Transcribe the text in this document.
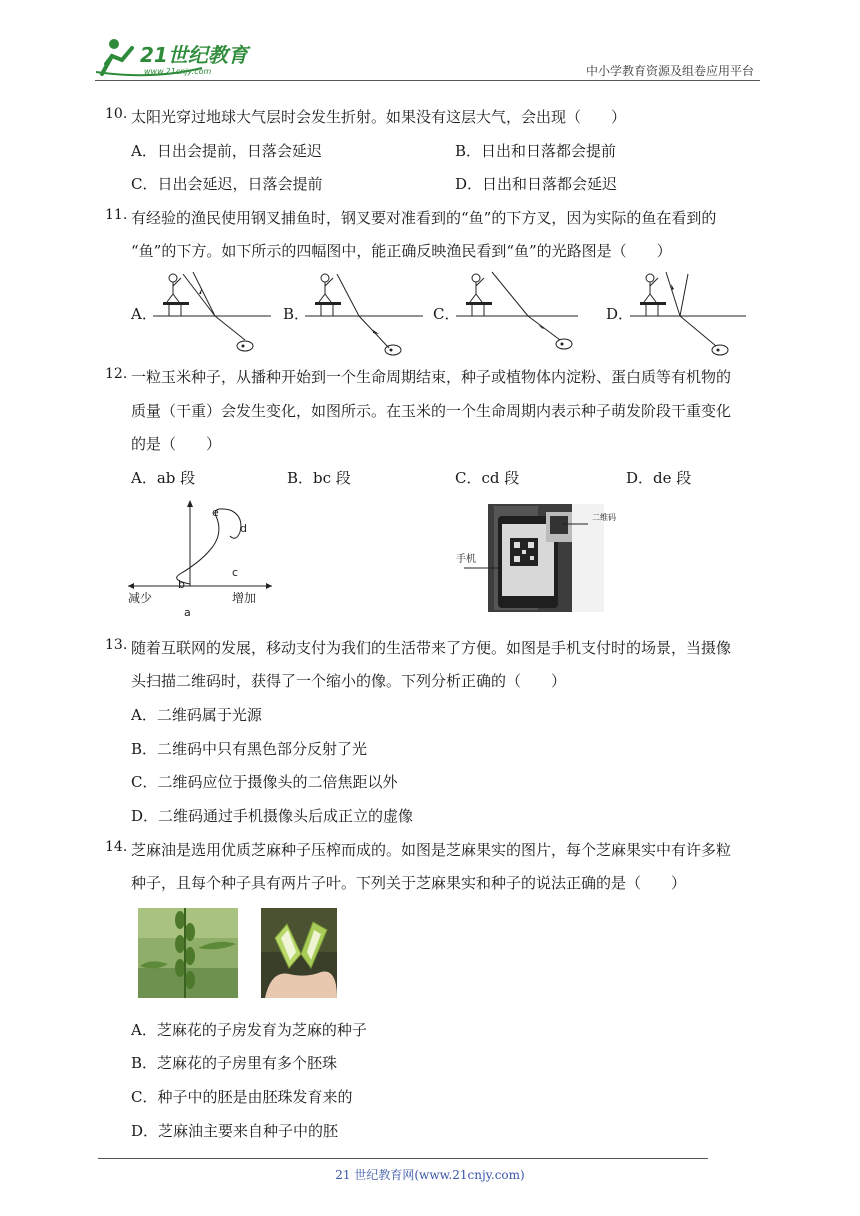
21世纪教育
www.21cnjy.com	中小学教育资源及组卷应用平台
10. 太阳光穿过地球大气层时会发生折射。如果没有这层大气，会出现（　　）
A．日出会提前，日落会延迟	B．日出和日落都会提前
C．日出会延迟，日落会提前	D．日出和日落都会延迟
11. 有经验的渔民使用钢叉捕鱼时，钢叉要对准看到的“鱼”的下方叉，因为实际的鱼在看到的
“鱼”的下方。如下所示的四幅图中，能正确反映渔民看到“鱼”的光路图是（　　）
A．	B．	C．	D．
12. 一粒玉米种子，从播种开始到一个生命周期结束，种子或植物体内淀粉、蛋白质等有机物的
质量（干重）会发生变化，如图所示。在玉米的一个生命周期内表示种子萌发阶段干重变化
的是（　　）
A．ab 段	B．bc 段	C．cd 段	D．de 段
b
e
d
c
a
减少	增加
手机
二维码
13. 随着互联网的发展，移动支付为我们的生活带来了方便。如图是手机支付时的场景，当摄像
头扫描二维码时，获得了一个缩小的像。下列分析正确的（　　）
A．二维码属于光源
B．二维码中只有黑色部分反射了光
C．二维码应位于摄像头的二倍焦距以外
D．二维码通过手机摄像头后成正立的虚像
14. 芝麻油是选用优质芝麻种子压榨而成的。如图是芝麻果实的图片，每个芝麻果实中有许多粒
种子，且每个种子具有两片子叶。下列关于芝麻果实和种子的说法正确的是（　　）
A．芝麻花的子房发育为芝麻的种子
B．芝麻花的子房里有多个胚珠
C．种子中的胚是由胚珠发育来的
D．芝麻油主要来自种子中的胚
21 世纪教育网(www.21cnjy.com)
